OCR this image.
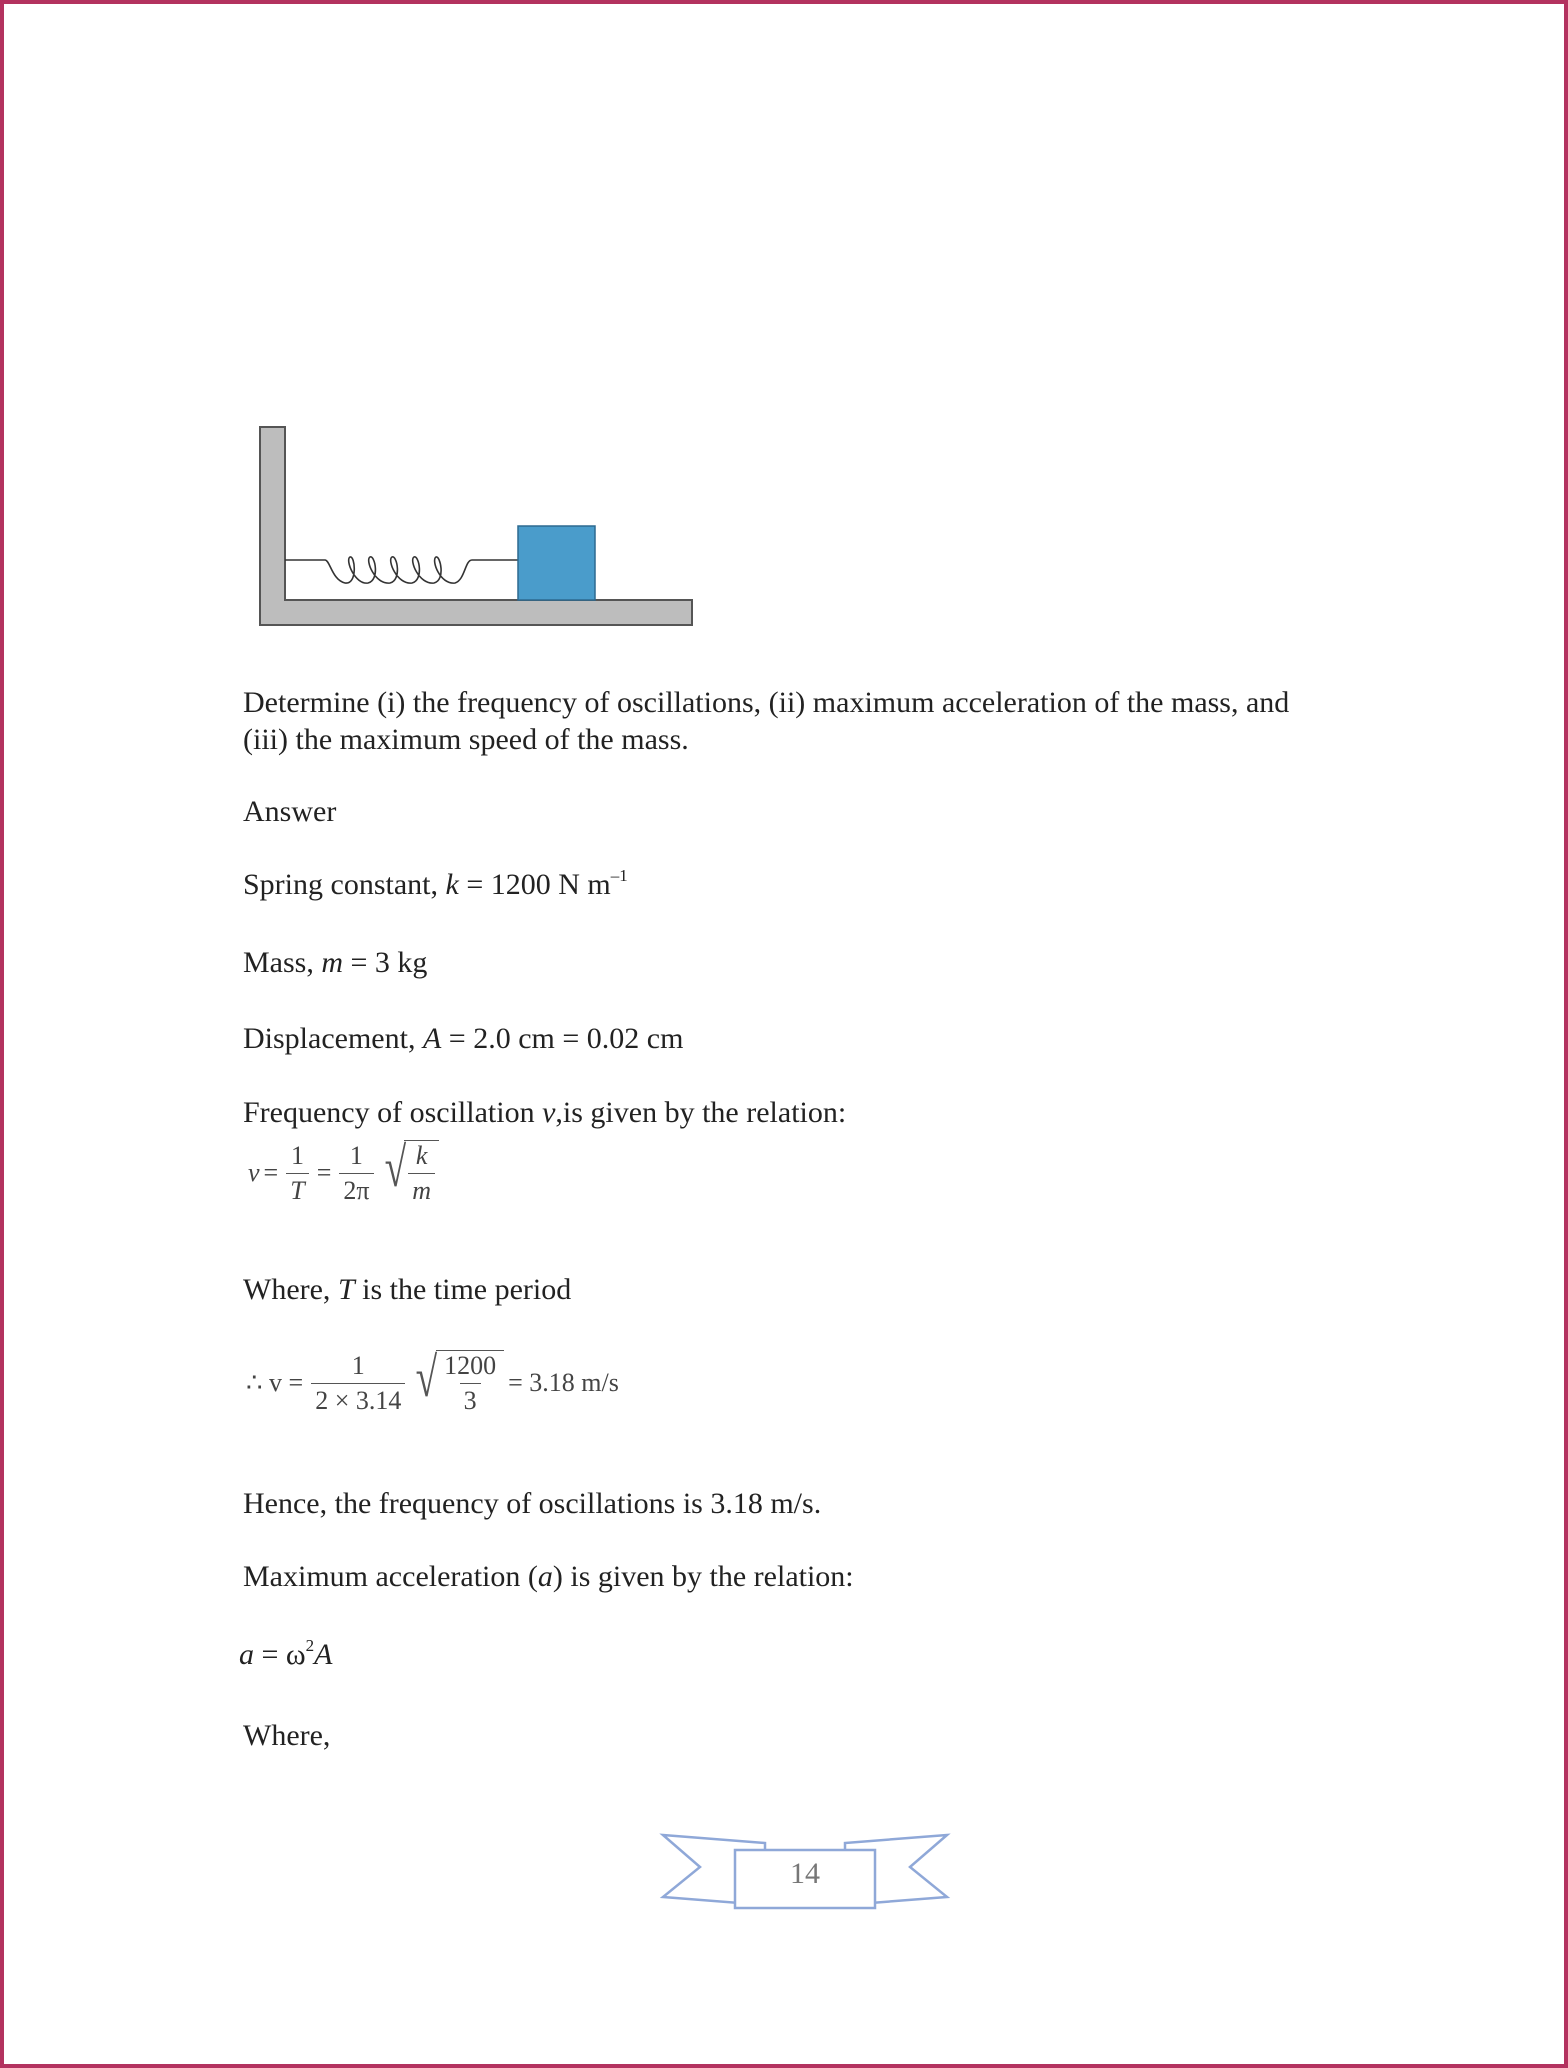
Determine (i) the frequency of oscillations, (ii) maximum acceleration of the mass, and
(iii) the maximum speed of the mass.
Answer
Spring constant, k = 1200 N $m^{-1}$
Mass, m = 3 kg
Displacement, A = 2.0 cm = 0.02 cm
Frequency of oscillation v,is given by the relation:
$v = \frac{1}{T} = \frac{1}{2\pi}$ √ $\frac{k}{m}$
Where, T is the time period
∴ $v = \frac{1}{2 \times 3.14}$ √ $\frac{1200}{3} = 3.18$ m/s
Hence, the frequency of oscillations is 3.18 m/s.
Maximum acceleration (a) is given by the relation:
$a = \omega^2A$
Where,
14
